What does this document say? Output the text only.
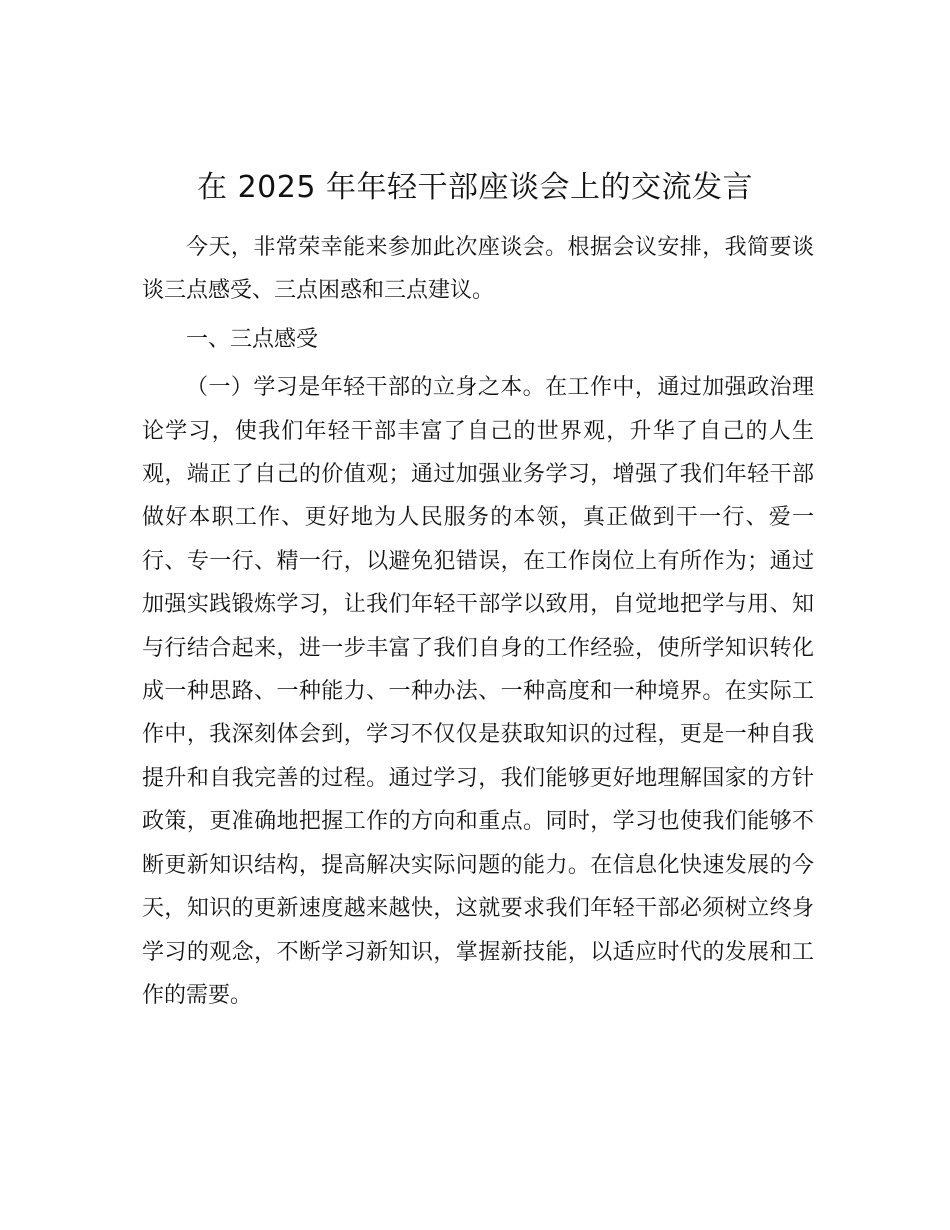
在 2025 年年轻干部座谈会上的交流发言

今天，非常荣幸能来参加此次座谈会。根据会议安排，我简要谈谈三点感受、三点困惑和三点建议。

一、三点感受

（一）学习是年轻干部的立身之本。在工作中，通过加强政治理论学习，使我们年轻干部丰富了自己的世界观，升华了自己的人生观，端正了自己的价值观；通过加强业务学习，增强了我们年轻干部做好本职工作、更好地为人民服务的本领，真正做到干一行、爱一行、专一行、精一行，以避免犯错误，在工作岗位上有所作为；通过加强实践锻炼学习，让我们年轻干部学以致用，自觉地把学与用、知与行结合起来，进一步丰富了我们自身的工作经验，使所学知识转化成一种思路、一种能力、一种办法、一种高度和一种境界。在实际工作中，我深刻体会到，学习不仅仅是获取知识的过程，更是一种自我提升和自我完善的过程。通过学习，我们能够更好地理解国家的方针政策，更准确地把握工作的方向和重点。同时，学习也使我们能够不断更新知识结构，提高解决实际问题的能力。在信息化快速发展的今天，知识的更新速度越来越快，这就要求我们年轻干部必须树立终身学习的观念，不断学习新知识，掌握新技能，以适应时代的发展和工作的需要。
